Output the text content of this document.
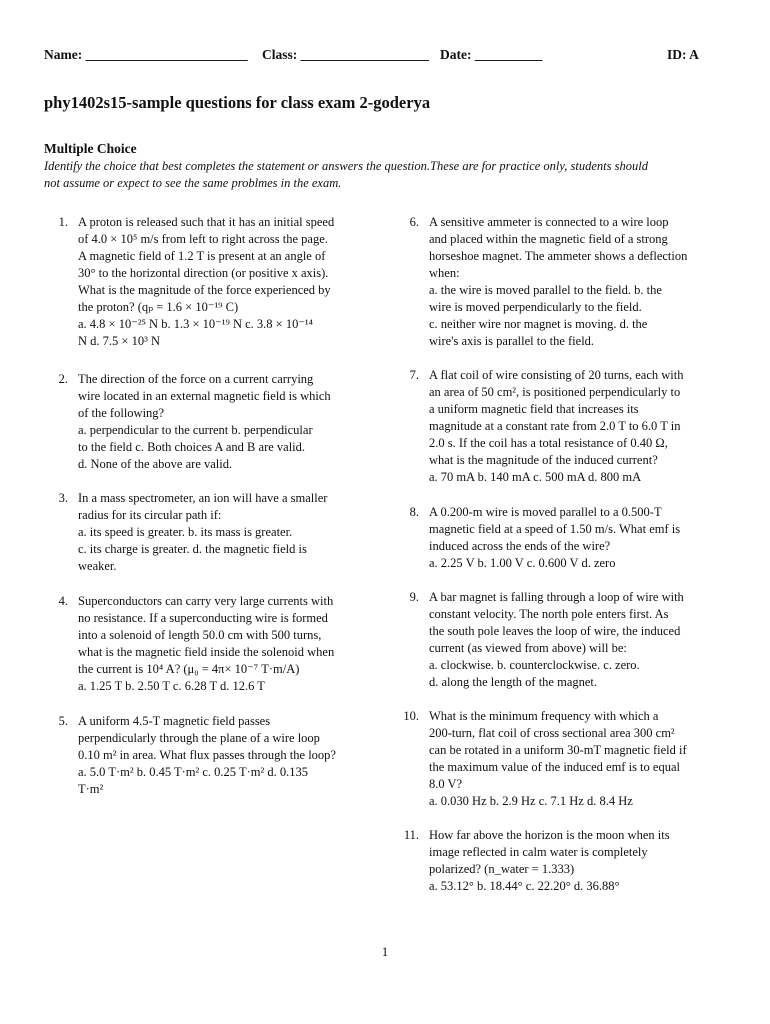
Name: ________________________ Class: ___________________ Date: __________	ID: A
phy1402s15-sample questions for class exam 2-goderya
Multiple Choice
Identify the choice that best completes the statement or answers the question.These are for practice only, students should
not assume or expect to see the same problmes in the exam.
1. A proton is released such that it has an initial speed
of 4.0 × 10⁵ m/s from left to right across the page.
A magnetic field of 1.2 T is present at an angle of
30° to the horizontal direction (or positive x axis).
What is the magnitude of the force experienced by
the proton? (qₚ = 1.6 × 10⁻¹⁹ C)
a. 4.8 × 10⁻²⁵ N b. 1.3 × 10⁻¹⁹ N c. 3.8 × 10⁻¹⁴
N d. 7.5 × 10³ N
2. The direction of the force on a current carrying
wire located in an external magnetic field is which
of the following?
a. perpendicular to the current b. perpendicular
to the field c. Both choices A and B are valid.
d. None of the above are valid.
3. In a mass spectrometer, an ion will have a smaller
radius for its circular path if:
a. its speed is greater. b. its mass is greater.
c. its charge is greater. d. the magnetic field is
weaker.
4. Superconductors can carry very large currents with
no resistance. If a superconducting wire is formed
into a solenoid of length 50.0 cm with 500 turns,
what is the magnetic field inside the solenoid when
the current is 10⁴ A? (μ₀ = 4π× 10⁻⁷ T·m/A)
a. 1.25 T b. 2.50 T c. 6.28 T d. 12.6 T
5. A uniform 4.5-T magnetic field passes
perpendicularly through the plane of a wire loop
0.10 m² in area. What flux passes through the loop?
a. 5.0 T·m² b. 0.45 T·m² c. 0.25 T·m² d. 0.135
T·m²
6. A sensitive ammeter is connected to a wire loop
and placed within the magnetic field of a strong
horseshoe magnet. The ammeter shows a deflection
when:
a. the wire is moved parallel to the field. b. the
wire is moved perpendicularly to the field.
c. neither wire nor magnet is moving. d. the
wire's axis is parallel to the field.
7. A flat coil of wire consisting of 20 turns, each with
an area of 50 cm², is positioned perpendicularly to
a uniform magnetic field that increases its
magnitude at a constant rate from 2.0 T to 6.0 T in
2.0 s. If the coil has a total resistance of 0.40 Ω,
what is the magnitude of the induced current?
a. 70 mA b. 140 mA c. 500 mA d. 800 mA
8. A 0.200-m wire is moved parallel to a 0.500-T
magnetic field at a speed of 1.50 m/s. What emf is
induced across the ends of the wire?
a. 2.25 V b. 1.00 V c. 0.600 V d. zero
9. A bar magnet is falling through a loop of wire with
constant velocity. The north pole enters first. As
the south pole leaves the loop of wire, the induced
current (as viewed from above) will be:
a. clockwise. b. counterclockwise. c. zero.
d. along the length of the magnet.
10. What is the minimum frequency with which a
200-turn, flat coil of cross sectional area 300 cm²
can be rotated in a uniform 30-mT magnetic field if
the maximum value of the induced emf is to equal
8.0 V?
a. 0.030 Hz b. 2.9 Hz c. 7.1 Hz d. 8.4 Hz
11. How far above the horizon is the moon when its
image reflected in calm water is completely
polarized? (n_water = 1.333)
a. 53.12° b. 18.44° c. 22.20° d. 36.88°
1
